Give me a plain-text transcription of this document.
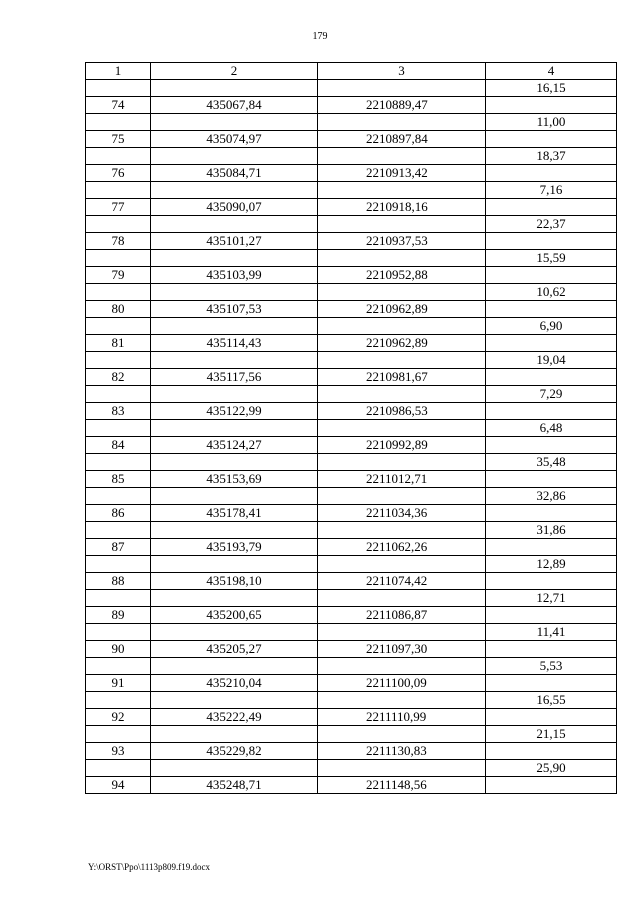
179
1	2	3	4
			16,15
74	435067,84	2210889,47	
			11,00
75	435074,97	2210897,84	
			18,37
76	435084,71	2210913,42	
			7,16
77	435090,07	2210918,16	
			22,37
78	435101,27	2210937,53	
			15,59
79	435103,99	2210952,88	
			10,62
80	435107,53	2210962,89	
			6,90
81	435114,43	2210962,89	
			19,04
82	435117,56	2210981,67	
			7,29
83	435122,99	2210986,53	
			6,48
84	435124,27	2210992,89	
			35,48
85	435153,69	2211012,71	
			32,86
86	435178,41	2211034,36	
			31,86
87	435193,79	2211062,26	
			12,89
88	435198,10	2211074,42	
			12,71
89	435200,65	2211086,87	
			11,41
90	435205,27	2211097,30	
			5,53
91	435210,04	2211100,09	
			16,55
92	435222,49	2211110,99	
			21,15
93	435229,82	2211130,83	
			25,90
94	435248,71	2211148,56	
Y:\ORST\Ppo\1113p809.f19.docx
